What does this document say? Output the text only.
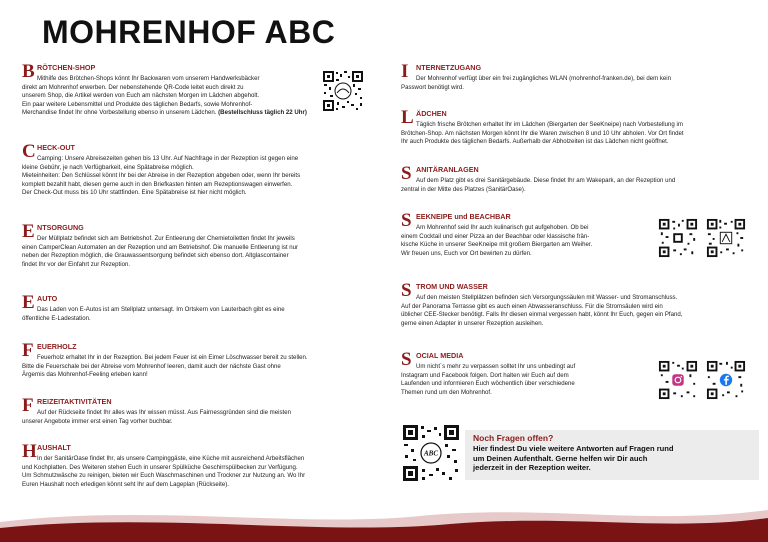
MOHRENHOF ABC
B RÖTCHEN-SHOP

Mithilfe des Brötchen-Shops könnt Ihr Backwaren vom unserem Handwerksbäcker

direkt am Mohrenhof erwerben. Der nebenstehende QR-Code leitet euch direkt zu

unserem Shop, die Artikel werden von Euch am nächsten Morgen im Lädchen abgeholt.

Ein paar weitere Lebensmittel und Produkte des täglichen Bedarfs, sowie Mohrenhof-

Merchandise findet Ihr ohne Vorbestellung ebenso in unserem Lädchen. (Bestellschluss täglich 22 Uhr)

C HECK-OUT

Camping: Unsere Abreisezeiten gehen bis 13 Uhr. Auf Nachfrage in der Rezeption ist gegen eine

kleine Gebühr, je nach Verfügbarkeit, eine Spätabreise möglich.

Mieteinheiten: Den Schlüssel könnt Ihr bei der Abreise in der Rezeption abgeben oder, wenn Ihr bereits

komplett bezahlt habt, diesen gerne auch in den Briefkasten hinten am Rezeptionswagen einwerfen.

Der Check-Out muss bis 10 Uhr stattfinden. Eine Spätabreise ist hier nicht möglich.

E NTSORGUNG

Der Müllplatz befindet sich am Betriebshof. Zur Entleerung der Chemietoiletten findet Ihr jeweils

einen CamperClean Automaten an der Rezeption und am Betriebshof. Die manuelle Entleerung ist nur

neben der Rezeption möglich, die Grauwassentsorgung befindet sich ebenso dort. Altglascontainer

findet Ihr vor der Einfahrt zur Rezeption.

E AUTO

Das Laden von E-Autos ist am Stellplatz untersagt. Im Ortskern von Lauterbach gibt es eine

öffentliche E-Ladestation.

F EUERHOLZ

Feuerholz erhaltet Ihr in der Rezeption. Bei jedem Feuer ist ein Eimer Löschwasser bereit zu stellen.

Bitte die Feuerschale bei der Abreise vom Mohrenhof leeren, damit auch der nächste Gast ohne

Ärgernis das Mohrenhof-Feeling erleben kann!

F REIZEITAKTIVITÄTEN

Auf der Rückseite findet Ihr alles was Ihr wissen müsst. Aus Fairnessgründen sind die meisten

unserer Angebote immer erst einen Tag vorher buchbar.

H AUSHALT

In der SanitärOase findet Ihr, als unsere Campinggäste, eine Küche mit ausreichend Arbeitsflächen

und Kochplatten. Des Weiteren stehen Euch in unserer Spülküche Geschirrspülbecken zur Verfügung.

Um Schmutzwäsche zu reinigen, bieten wir Euch Waschmaschinen und Trockner zur Nutzung an. Wo Ihr

Euren Haushalt noch erledigen könnt seht Ihr auf dem Lageplan (Rückseite).

I NTERNETZUGANG

Der Mohrenhof verfügt über ein frei zugängliches WLAN (mohrenhof-franken.de), bei dem kein

Passwort benötigt wird.

L ÄDCHEN

Täglich frische Brötchen erhaltet Ihr im Lädchen (Biergarten der SeeKneipe) nach Vorbestellung im

Brötchen-Shop. Am nächsten Morgen könnt Ihr die Waren zwischen 8 und 10 Uhr abholen. Vor Ort findet

Ihr auch Produkte des täglichen Bedarfs. Außerhalb der Abholzeiten ist das Lädchen nicht geöffnet.

S ANITÄRANLAGEN

Auf dem Platz gibt es drei Sanitärgebäude. Diese findet Ihr am Wakepark, an der Rezeption und

zentral in der Mitte des Platzes (SanitärOase).

S EEKNEIPE und BEACHBAR

Am Mohrenhof seid Ihr auch kulinarisch gut aufgehoben. Ob bei

einem Cocktail und einer Pizza an der Beachbar oder klassische frän-

kische Küche in unserer SeeKneipe mit großem Biergarten am Weiher.

Wir freuen uns, Euch vor Ort bewirten zu dürfen.

S TROM UND WASSER

Auf den meisten Stellplätzen befinden sich Versorgungssäulen mit Wasser- und Stromanschluss.

Auf der Panorama Terrasse gibt es auch einen Abwasseranschluss. Für die Stromsäulen wird ein

üblicher CEE-Stecker benötigt. Falls Ihr diesen einmal vergessen habt, könnt Ihr Euch, gegen ein Pfand,

gerne einen Adapter in unserer Rezeption ausleihen.

S OCIAL MEDIA

Um nicht´s mehr zu verpassen solltet Ihr uns unbedingt auf

Instagram und Facebook folgen. Dort halten wir Euch auf dem

Laufenden und informieren Euch wöchentlich über verschiedene

Themen rund um den Mohrenhof.

ABC
Noch Fragen offen?
Hier findest Du viele weitere Antworten auf Fragen rund
um Deinen Aufenthalt. Gerne helfen wir Dir auch
jederzeit in der Rezeption weiter.
